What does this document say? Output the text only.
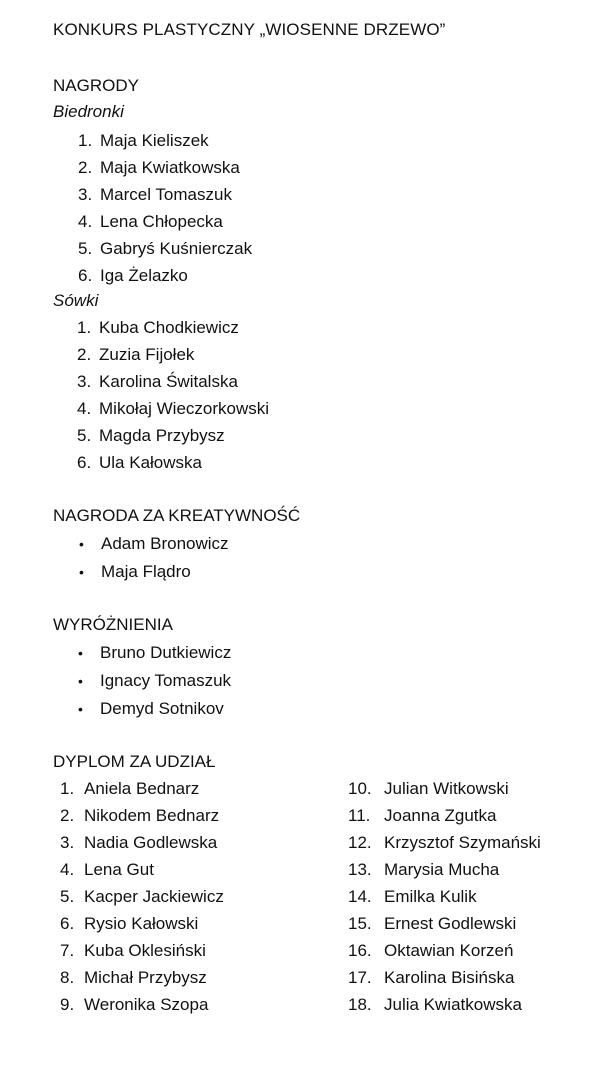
KONKURS PLASTYCZNY „WIOSENNE DRZEWO”
NAGRODY
Biedronki
1. Maja Kieliszek
2. Maja Kwiatkowska
3. Marcel Tomaszuk
4. Lena Chłopecka
5. Gabryś Kuśnierczak
6. Iga Żelazko
Sówki
1. Kuba Chodkiewicz
2. Zuzia Fijołek
3. Karolina Świtalska
4. Mikołaj Wieczorkowski
5. Magda Przybysz
6. Ula Kałowska
NAGRODA ZA KREATYWNOŚĆ
• Adam Bronowicz
• Maja Flądro
WYRÓŻNIENIA
• Bruno Dutkiewicz
• Ignacy Tomaszuk
• Demyd Sotnikov
DYPLOM ZA UDZIAŁ
1. Aniela Bednarz
2. Nikodem Bednarz
3. Nadia Godlewska
4. Lena Gut
5. Kacper Jackiewicz
6. Rysio Kałowski
7. Kuba Oklesiński
8. Michał Przybysz
9. Weronika Szopa
10. Julian Witkowski
11. Joanna Zgutka
12. Krzysztof Szymański
13. Marysia Mucha
14. Emilka Kulik
15. Ernest Godlewski
16. Oktawian Korzeń
17. Karolina Bisińska
18. Julia Kwiatkowska
